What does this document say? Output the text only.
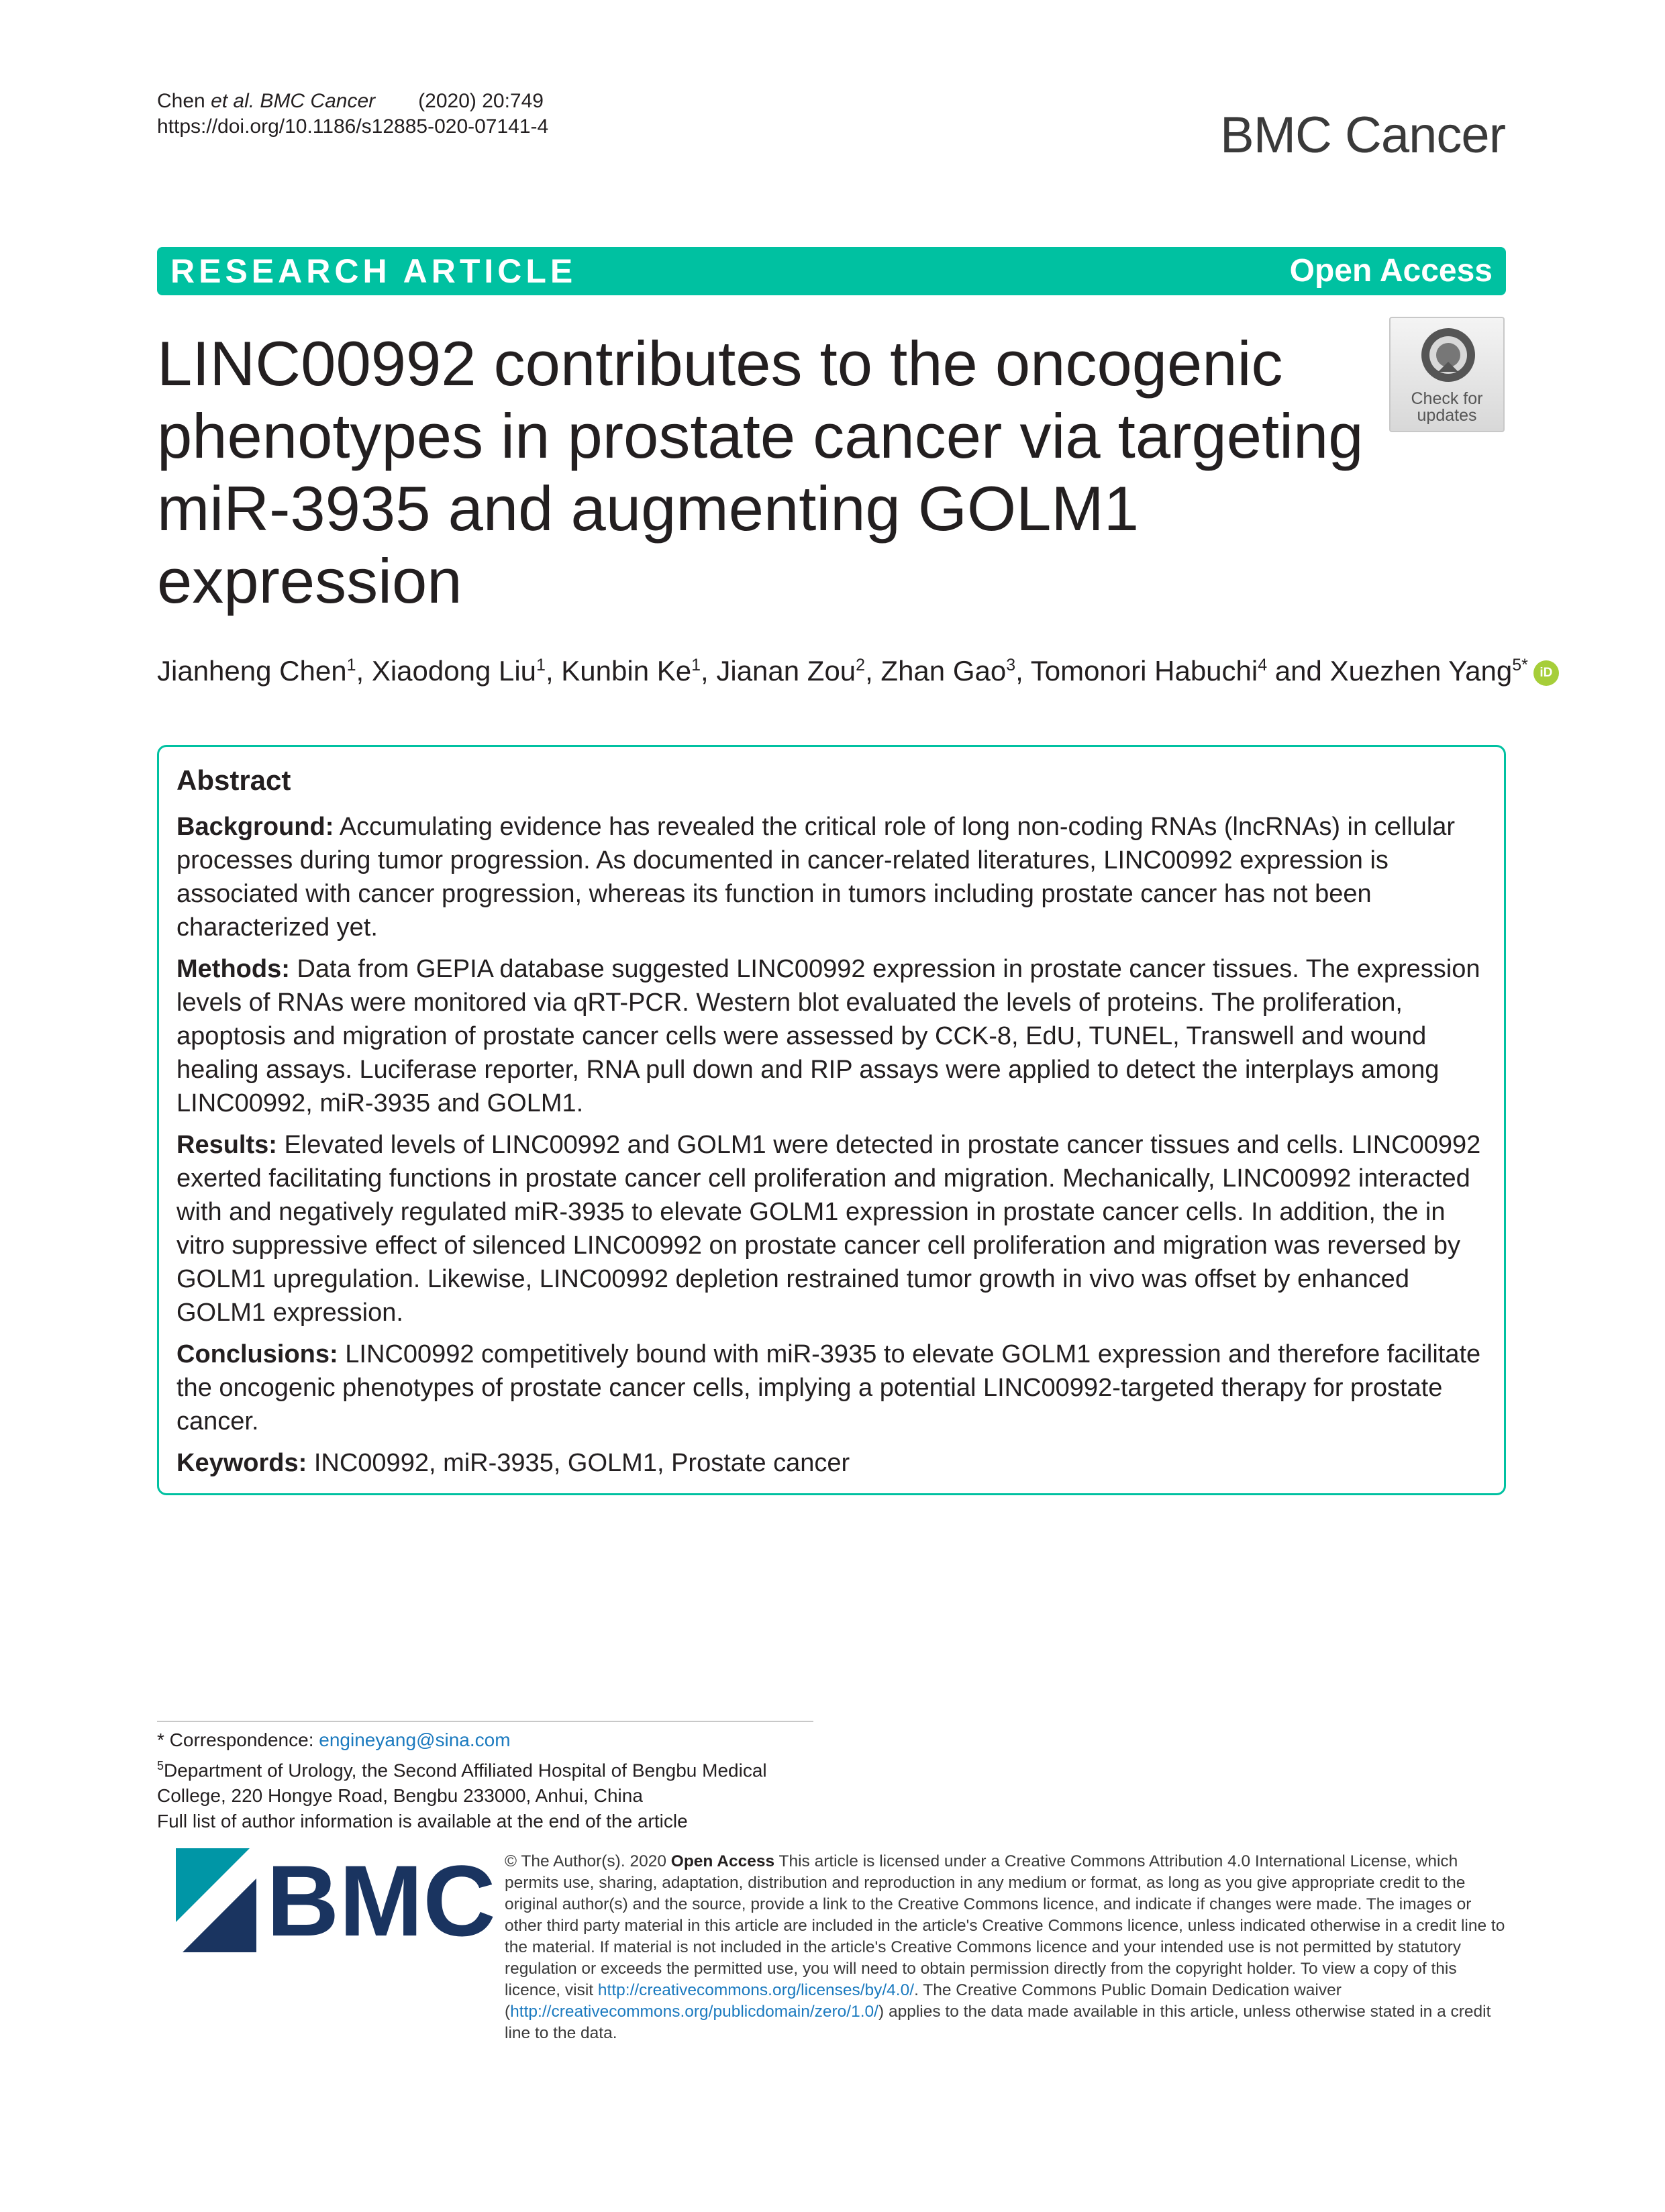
Chen et al. BMC Cancer (2020) 20:749
https://doi.org/10.1186/s12885-020-07141-4	BMC Cancer
RESEARCH ARTICLE	Open Access
LINC00992 contributes to the oncogenic phenotypes in prostate cancer via targeting miR-3935 and augmenting GOLM1 expression
Check for updates
Jianheng Chen$^1$, Xiaodong Liu$^1$, Kunbin Ke$^1$, Jianan Zou$^2$, Zhan Gao$^3$, Tomonori Habuchi$^4$ and Xuezhen Yang$^{5*}$ iD
Abstract

Background: Accumulating evidence has revealed the critical role of long non-coding RNAs (lncRNAs) in cellular processes during tumor progression. As documented in cancer-related literatures, LINC00992 expression is associated with cancer progression, whereas its function in tumors including prostate cancer has not been characterized yet.

Methods: Data from GEPIA database suggested LINC00992 expression in prostate cancer tissues. The expression levels of RNAs were monitored via qRT-PCR. Western blot evaluated the levels of proteins. The proliferation, apoptosis and migration of prostate cancer cells were assessed by CCK-8, EdU, TUNEL, Transwell and wound healing assays. Luciferase reporter, RNA pull down and RIP assays were applied to detect the interplays among LINC00992, miR-3935 and GOLM1.

Results: Elevated levels of LINC00992 and GOLM1 were detected in prostate cancer tissues and cells. LINC00992 exerted facilitating functions in prostate cancer cell proliferation and migration. Mechanically, LINC00992 interacted with and negatively regulated miR-3935 to elevate GOLM1 expression in prostate cancer cells. In addition, the in vitro suppressive effect of silenced LINC00992 on prostate cancer cell proliferation and migration was reversed by GOLM1 upregulation. Likewise, LINC00992 depletion restrained tumor growth in vivo was offset by enhanced GOLM1 expression.

Conclusions: LINC00992 competitively bound with miR-3935 to elevate GOLM1 expression and therefore facilitate the oncogenic phenotypes of prostate cancer cells, implying a potential LINC00992-targeted therapy for prostate cancer.

Keywords: INC00992, miR-3935, GOLM1, Prostate cancer

* Correspondence: engineyang@sina.com

$^5$Department of Urology, the Second Affiliated Hospital of Bengbu Medical College, 220 Hongye Road, Bengbu 233000, Anhui, China

Full list of author information is available at the end of the article

BMC © The Author(s). 2020 Open Access This article is licensed under a Creative Commons Attribution 4.0 International License, which permits use, sharing, adaptation, distribution and reproduction in any medium or format, as long as you give appropriate credit to the original author(s) and the source, provide a link to the Creative Commons licence, and indicate if changes were made. The images or other third party material in this article are included in the article's Creative Commons licence, unless indicated otherwise in a credit line to the material. If material is not included in the article's Creative Commons licence and your intended use is not permitted by statutory regulation or exceeds the permitted use, you will need to obtain permission directly from the copyright holder. To view a copy of this licence, visit http://creativecommons.org/licenses/by/4.0/. The Creative Commons Public Domain Dedication waiver (http://creativecommons.org/publicdomain/zero/1.0/) applies to the data made available in this article, unless otherwise stated in a credit line to the data.
